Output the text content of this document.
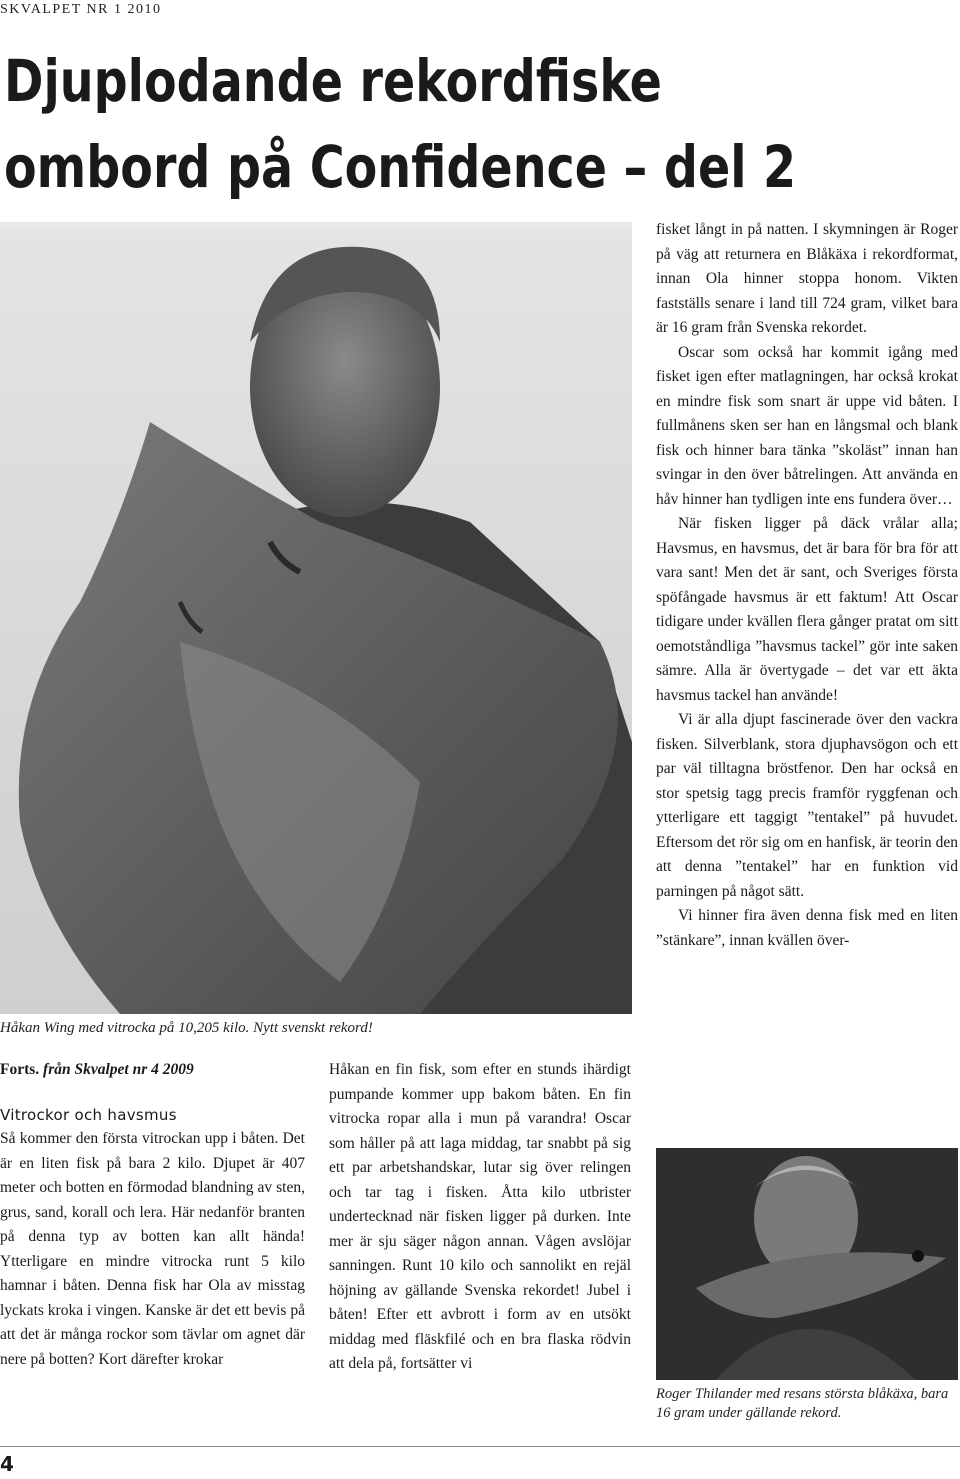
SKVALPET NR 1 2010
Djuplodande rekordfiske
ombord på Confidence – del 2
Håkan Wing med vitrocka på 10,205 kilo. Nytt svenskt rekord!
Forts. från Skvalpet nr 4 2009
Vitrockor och havsmus

Så kommer den första vitrockan upp i båten. Det är en liten fisk på bara 2 kilo. Djupet är 407 meter och botten en förmodad blandning av sten, grus, sand, korall och lera. Här nedanför branten på denna typ av botten kan allt hända! Ytterligare en mindre vitrocka runt 5 kilo hamnar i båten. Denna fisk har Ola av misstag lyckats kroka i vingen. Kanske är det ett bevis på att det är många rockor som tävlar om agnet där nere på botten? Kort därefter krokar

Håkan en fin fisk, som efter en stunds ihärdigt pumpande kommer upp bakom båten. En fin vitrocka ropar alla i mun på varandra! Oscar som håller på att laga middag, tar snabbt på sig ett par arbetshandskar, lutar sig över relingen och tar tag i fisken. Åtta kilo utbrister undertecknad när fisken ligger på durken. Inte mer är sju säger någon annan. Vågen avslöjar sanningen. Runt 10 kilo och sannolikt en rejäl höjning av gällande Svenska rekordet! Jubel i båten! Efter ett avbrott i form av en utsökt middag med fläskfilé och en bra flaska rödvin att dela på, fortsätter vi

fisket långt in på natten. I skymningen är Roger på väg att returnera en Blåkäxa i rekordformat, innan Ola hinner stoppa honom. Vikten fastställs senare i land till 724 gram, vilket bara är 16 gram från Svenska rekordet.

Oscar som också har kommit igång med fisket igen efter matlagningen, har också krokat en mindre fisk som snart är uppe vid båten. I fullmånens sken ser han en långsmal och blank fisk och hinner bara tänka ”skoläst” innan han svingar in den över båtrelingen. Att använda en håv hinner han tydligen inte ens fundera över…

När fisken ligger på däck vrålar alla; Havsmus, en havsmus, det är bara för bra för att vara sant! Men det är sant, och Sveriges första spöfångade havsmus är ett faktum! Att Oscar tidigare under kvällen flera gånger pratat om sitt oemotståndliga ”havsmus tackel” gör inte saken sämre. Alla är övertygade – det var ett äkta havsmus tackel han använde!

Vi är alla djupt fascinerade över den vackra fisken. Silverblank, stora djuphavsögon och ett par väl tilltagna bröstfenor. Den har också en stor spetsig tagg precis framför ryggfenan och ytterligare ett taggigt ”tentakel” på huvudet. Eftersom det rör sig om en hanfisk, är teorin den att denna ”tentakel” har en funktion vid parningen på något sätt.

Vi hinner fira även denna fisk med en liten ”stänkare”, innan kvällen över-

Roger Thilander med resans största blåkäxa, bara 16 gram under gällande rekord.
4
